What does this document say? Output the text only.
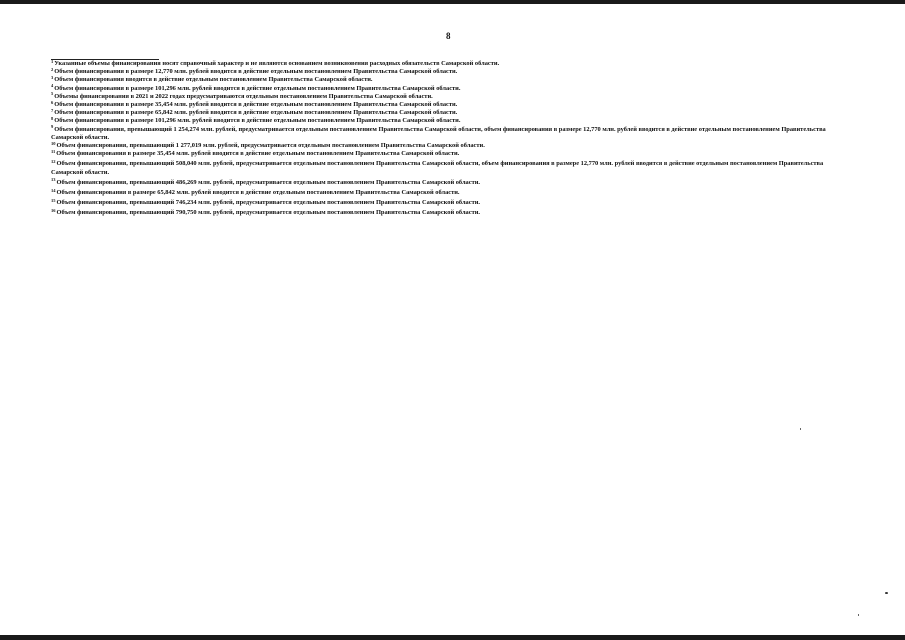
8

$^1$Указанные объемы финансирования носят справочный характер и не являются основанием возникновения расходных обязательств Самарской области.

$^2$Объем финансирования в размере 12,770 млн. рублей вводится в действие отдельным постановлением Правительства Самарской области.

$^3$Объем финансирования вводится в действие отдельным постановлением Правительства Самарской области.

$^4$Объем финансирования в размере 101,296 млн. рублей вводится в действие отдельным постановлением Правительства Самарской области.

$^5$Объемы финансирования в 2021 и 2022 годах предусматриваются отдельным постановлением Правительства Самарской области.

$^6$Объем финансирования в размере 35,454 млн. рублей вводится в действие отдельным постановлением Правительства Самарской области.

$^7$Объем финансирования в размере 65,842 млн. рублей вводится в действие отдельным постановлением Правительства Самарской области.

$^8$Объем финансирования в размере 101,296 млн. рублей вводится в действие отдельным постановлением Правительства Самарской области.

$^9$Объем финансирования, превышающий 1 254,274 млн. рублей, предусматривается отдельным постановлением Правительства Самарской области, объем финансирования в размере 12,770 млн. рублей вводится в действие отдельным постановлением Правительства Самарской области.

$^{10}$Объем финансирования, превышающий 1 277,019 млн. рублей, предусматривается отдельным постановлением Правительства Самарской области.

$^{11}$Объем финансирования в размере 35,454 млн. рублей вводится в действие отдельным постановлением Правительства Самарской области.

$^{12}$Объем финансирования, превышающий 508,040 млн. рублей, предусматривается отдельным постановлением Правительства Самарской области, объем финансирования в размере 12,770 млн. рублей вводится в действие отдельным постановлением Правительства Самарской области.

$^{13}$Объем финансирования, превышающий 486,269 млн. рублей, предусматривается отдельным постановлением Правительства Самарской области.

$^{14}$Объем финансирования в размере 65,842 млн. рублей вводится в действие отдельным постановлением Правительства Самарской области.

$^{15}$Объем финансирования, превышающий 746,234 млн. рублей, предусматривается отдельным постановлением Правительства Самарской области.

$^{16}$Объем финансирования, превышающий 790,750 млн. рублей, предусматривается отдельным постановлением Правительства Самарской области.
